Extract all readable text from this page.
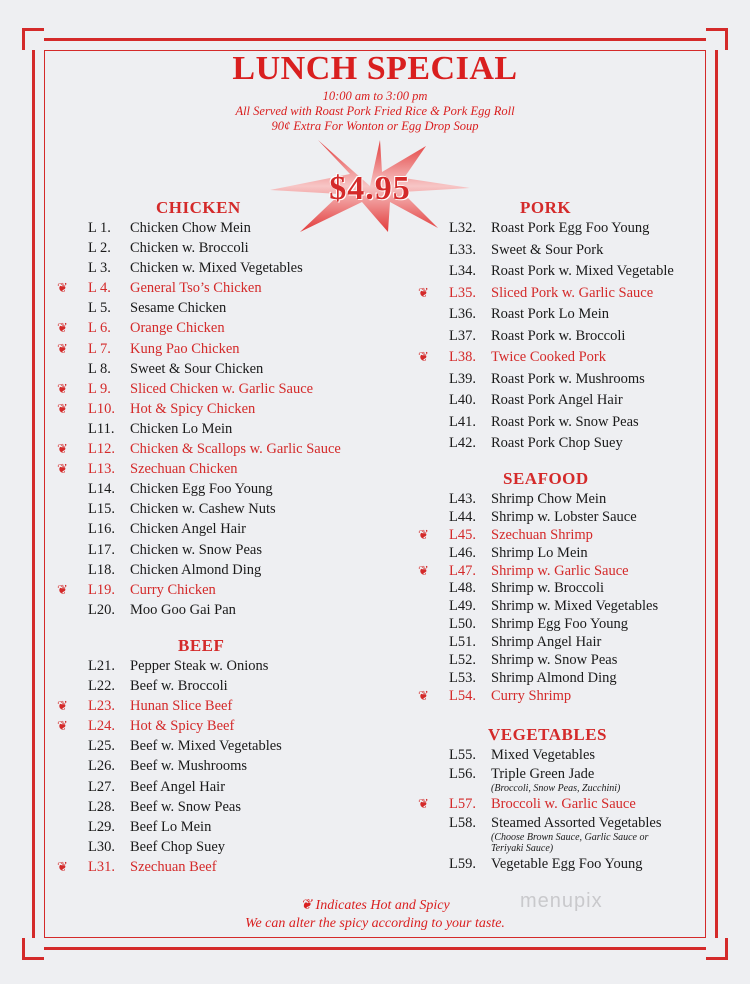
LUNCH SPECIAL
10:00 am to 3:00 pm
All Served with Roast Pork Fried Rice & Pork Egg Roll
90¢ Extra For Wonton or Egg Drop Soup
$4.95
CHICKEN
L 1. Chicken Chow Mein
L 2. Chicken w. Broccoli
L 3. Chicken w. Mixed Vegetables
❦ L 4. General Tso’s Chicken
L 5. Sesame Chicken
❦ L 6. Orange Chicken
❦ L 7. Kung Pao Chicken
L 8. Sweet & Sour Chicken
❦ L 9. Sliced Chicken w. Garlic Sauce
❦ L10. Hot & Spicy Chicken
L11. Chicken Lo Mein
❦ L12. Chicken & Scallops w. Garlic Sauce
❦ L13. Szechuan Chicken
L14. Chicken Egg Foo Young
L15. Chicken w. Cashew Nuts
L16. Chicken Angel Hair
L17. Chicken w. Snow Peas
L18. Chicken Almond Ding
❦ L19. Curry Chicken
L20. Moo Goo Gai Pan
BEEF
L21. Pepper Steak w. Onions
L22. Beef w. Broccoli
❦ L23. Hunan Slice Beef
❦ L24. Hot & Spicy Beef
L25. Beef w. Mixed Vegetables
L26. Beef w. Mushrooms
L27. Beef Angel Hair
L28. Beef w. Snow Peas
L29. Beef Lo Mein
L30. Beef Chop Suey
❦ L31. Szechuan Beef
PORK
L32. Roast Pork Egg Foo Young
L33. Sweet & Sour Pork
L34. Roast Pork w. Mixed Vegetable
❦ L35. Sliced Pork w. Garlic Sauce
L36. Roast Pork Lo Mein
L37. Roast Pork w. Broccoli
❦ L38. Twice Cooked Pork
L39. Roast Pork w. Mushrooms
L40. Roast Pork Angel Hair
L41. Roast Pork w. Snow Peas
L42. Roast Pork Chop Suey
SEAFOOD
L43. Shrimp Chow Mein
L44. Shrimp w. Lobster Sauce
❦ L45. Szechuan Shrimp
L46. Shrimp Lo Mein
❦ L47. Shrimp w. Garlic Sauce
L48. Shrimp w. Broccoli
L49. Shrimp w. Mixed Vegetables
L50. Shrimp Egg Foo Young
L51. Shrimp Angel Hair
L52. Shrimp w. Snow Peas
L53. Shrimp Almond Ding
❦ L54. Curry Shrimp
VEGETABLES
L55. Mixed Vegetables
L56. Triple Green Jade
(Broccoli, Snow Peas, Zucchini)
❦ L57. Broccoli w. Garlic Sauce
L58. Steamed Assorted Vegetables
(Choose Brown Sauce, Garlic Sauce or Teriyaki Sauce)
L59. Vegetable Egg Foo Young
❦ Indicates Hot and Spicy
We can alter the spicy according to your taste.
menupix
